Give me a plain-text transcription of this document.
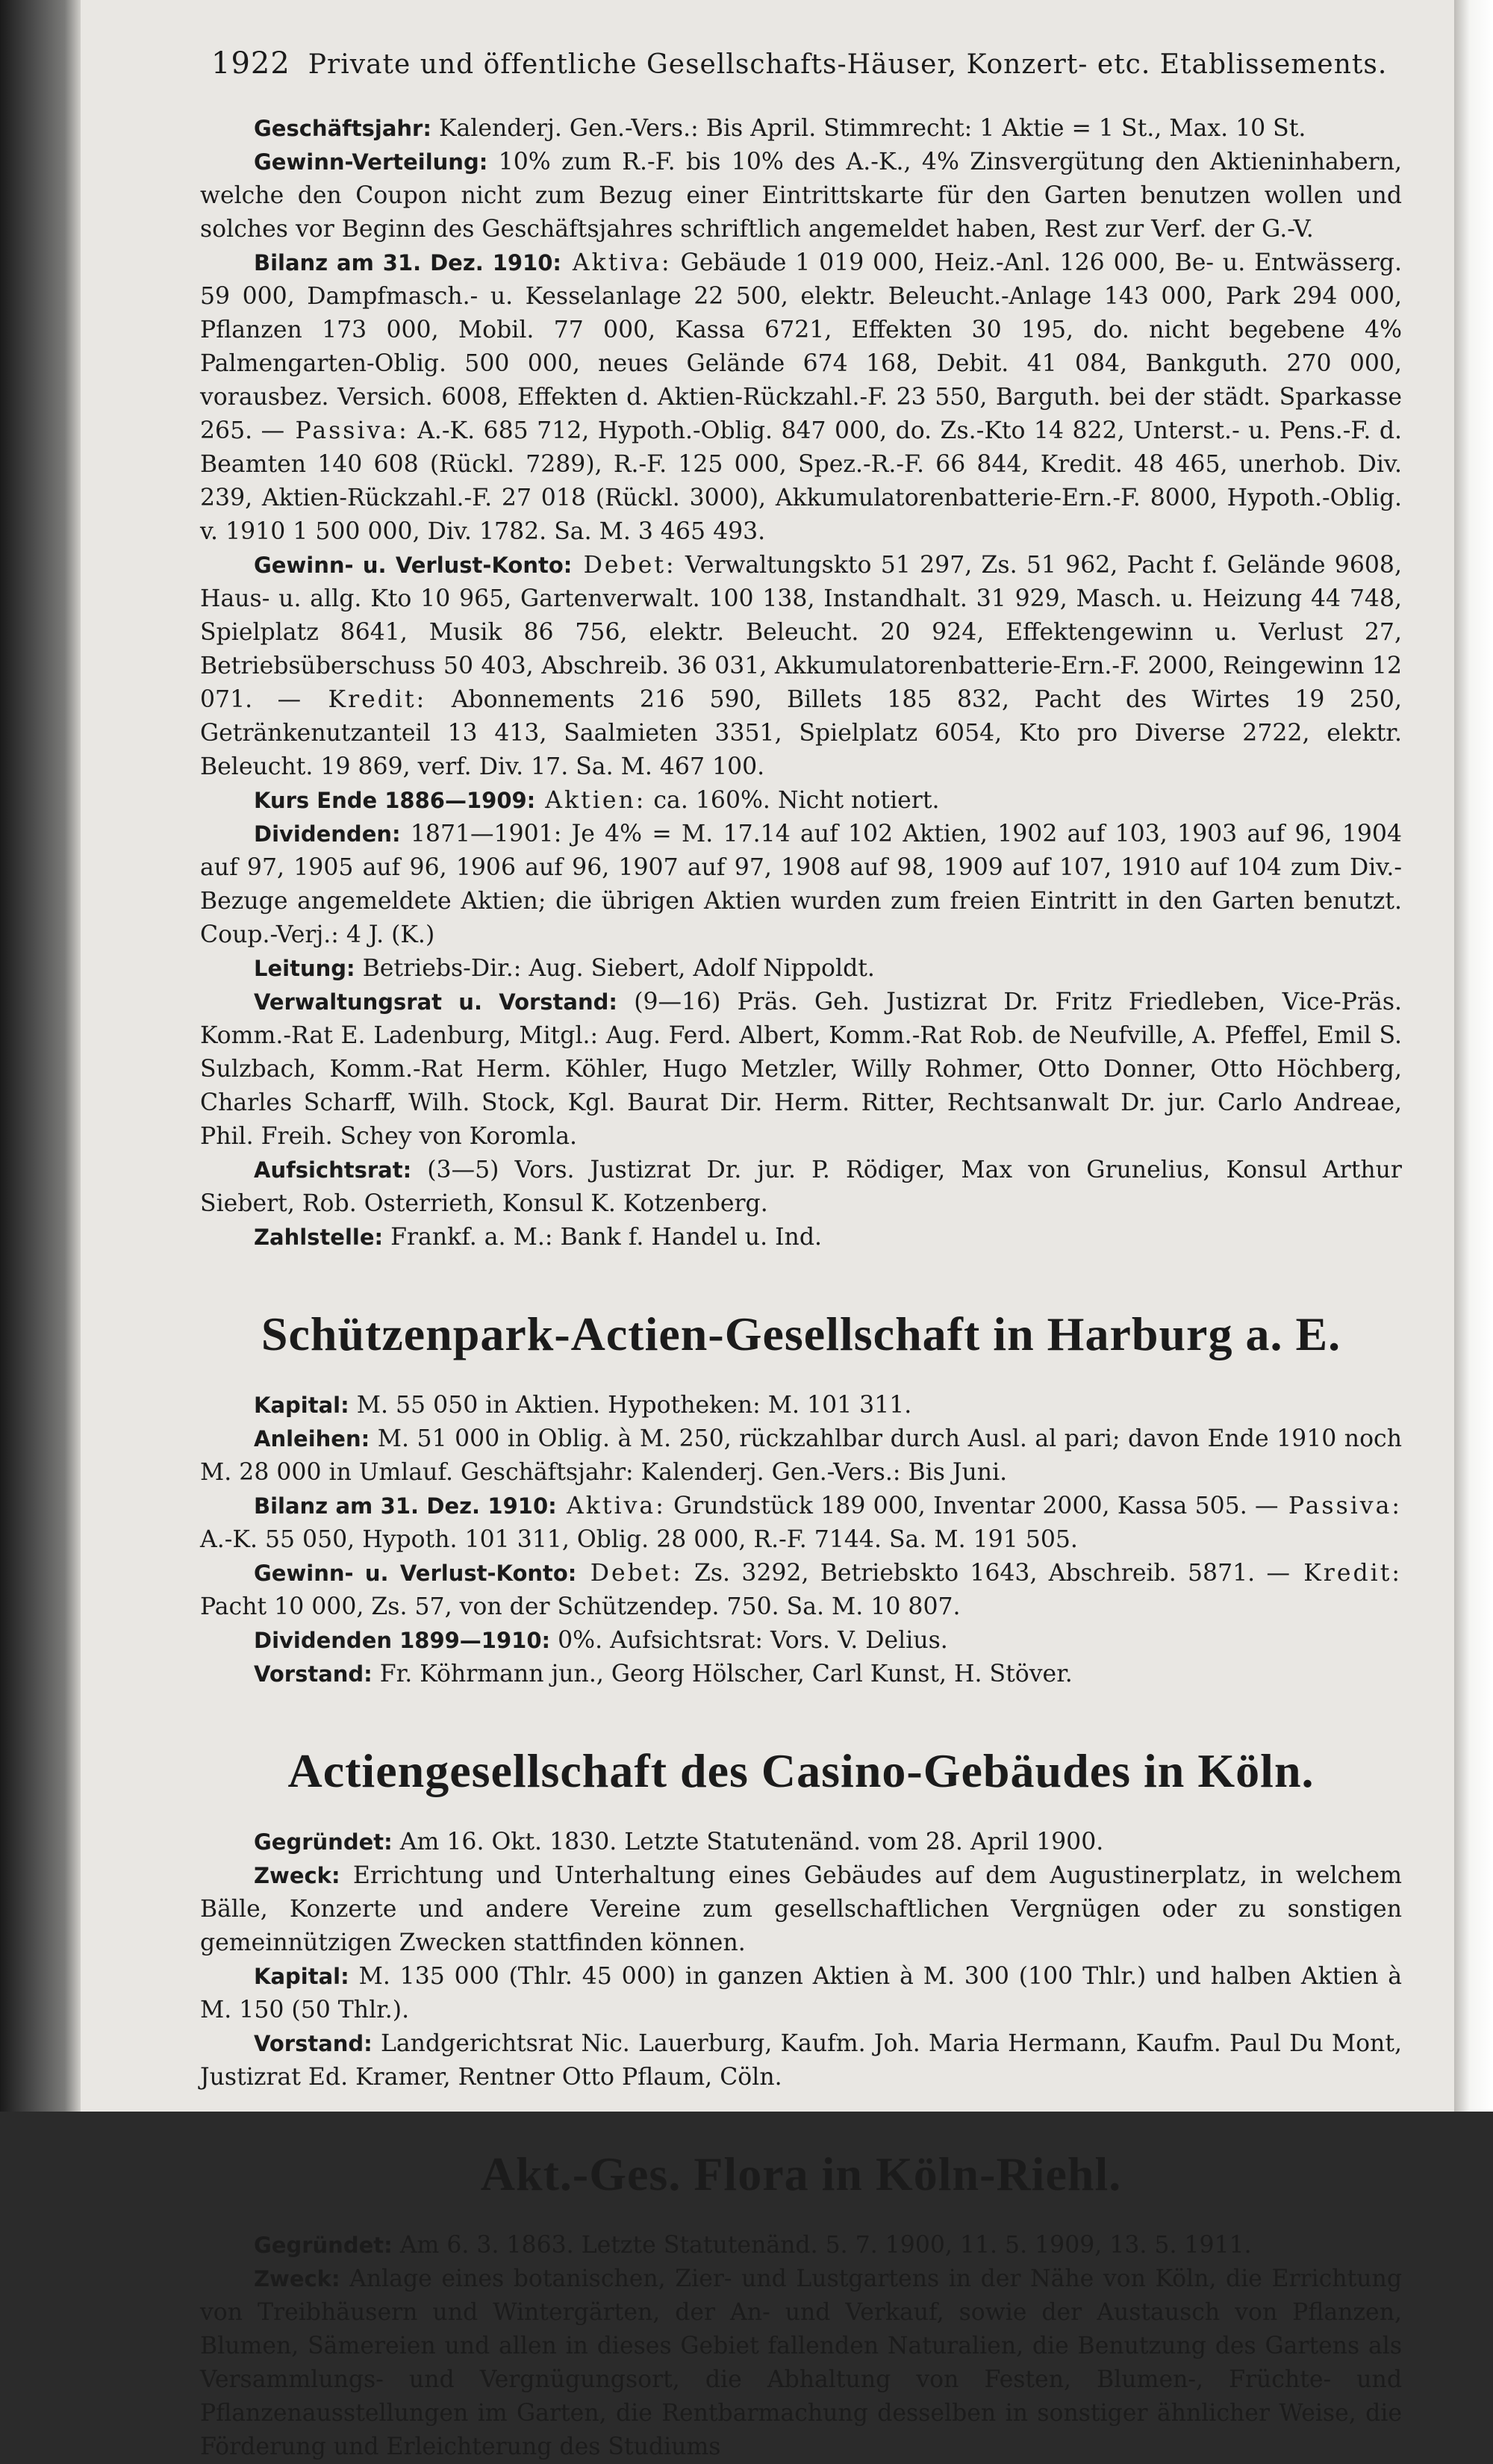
1922 Private und öffentliche Gesellschafts-Häuser, Konzert- etc. Etablissements.

Geschäftsjahr: Kalenderj. Gen.-Vers.: Bis April. Stimmrecht: 1 Aktie = 1 St., Max. 10 St.

Gewinn-Verteilung: 10% zum R.-F. bis 10% des A.-K., 4% Zinsvergütung den Aktieninhabern, welche den Coupon nicht zum Bezug einer Eintrittskarte für den Garten benutzen wollen und solches vor Beginn des Geschäftsjahres schriftlich angemeldet haben, Rest zur Verf. der G.-V.

Bilanz am 31. Dez. 1910: Aktiva: Gebäude 1 019 000, Heiz.-Anl. 126 000, Be- u. Entwässerg. 59 000, Dampfmasch.- u. Kesselanlage 22 500, elektr. Beleucht.-Anlage 143 000, Park 294 000, Pflanzen 173 000, Mobil. 77 000, Kassa 6721, Effekten 30 195, do. nicht begebene 4% Palmengarten-Oblig. 500 000, neues Gelände 674 168, Debit. 41 084, Bankguth. 270 000, vorausbez. Versich. 6008, Effekten d. Aktien-Rückzahl.-F. 23 550, Barguth. bei der städt. Sparkasse 265. — Passiva: A.-K. 685 712, Hypoth.-Oblig. 847 000, do. Zs.-Kto 14 822, Unterst.- u. Pens.-F. d. Beamten 140 608 (Rückl. 7289), R.-F. 125 000, Spez.-R.-F. 66 844, Kredit. 48 465, unerhob. Div. 239, Aktien-Rückzahl.-F. 27 018 (Rückl. 3000), Akkumulatorenbatterie-Ern.-F. 8000, Hypoth.-Oblig. v. 1910 1 500 000, Div. 1782. Sa. M. 3 465 493.

Gewinn- u. Verlust-Konto: Debet: Verwaltungskto 51 297, Zs. 51 962, Pacht f. Gelände 9608, Haus- u. allg. Kto 10 965, Gartenverwalt. 100 138, Instandhalt. 31 929, Masch. u. Heizung 44 748, Spielplatz 8641, Musik 86 756, elektr. Beleucht. 20 924, Effektengewinn u. Verlust 27, Betriebsüberschuss 50 403, Abschreib. 36 031, Akkumulatorenbatterie-Ern.-F. 2000, Reingewinn 12 071. — Kredit: Abonnements 216 590, Billets 185 832, Pacht des Wirtes 19 250, Getränkenutzanteil 13 413, Saalmieten 3351, Spielplatz 6054, Kto pro Diverse 2722, elektr. Beleucht. 19 869, verf. Div. 17. Sa. M. 467 100.

Kurs Ende 1886—1909: Aktien: ca. 160%. Nicht notiert.

Dividenden: 1871—1901: Je 4% = M. 17.14 auf 102 Aktien, 1902 auf 103, 1903 auf 96, 1904 auf 97, 1905 auf 96, 1906 auf 96, 1907 auf 97, 1908 auf 98, 1909 auf 107, 1910 auf 104 zum Div.-Bezuge angemeldete Aktien; die übrigen Aktien wurden zum freien Eintritt in den Garten benutzt. Coup.-Verj.: 4 J. (K.)

Leitung: Betriebs-Dir.: Aug. Siebert, Adolf Nippoldt.

Verwaltungsrat u. Vorstand: (9—16) Präs. Geh. Justizrat Dr. Fritz Friedleben, Vice-Präs. Komm.-Rat E. Ladenburg, Mitgl.: Aug. Ferd. Albert, Komm.-Rat Rob. de Neufville, A. Pfeffel, Emil S. Sulzbach, Komm.-Rat Herm. Köhler, Hugo Metzler, Willy Rohmer, Otto Donner, Otto Höchberg, Charles Scharff, Wilh. Stock, Kgl. Baurat Dir. Herm. Ritter, Rechtsanwalt Dr. jur. Carlo Andreae, Phil. Freih. Schey von Koromla.

Aufsichtsrat: (3—5) Vors. Justizrat Dr. jur. P. Rödiger, Max von Grunelius, Konsul Arthur Siebert, Rob. Osterrieth, Konsul K. Kotzenberg.

Zahlstelle: Frankf. a. M.: Bank f. Handel u. Ind.

Schützenpark-Actien-Gesellschaft in Harburg a. E.

Kapital: M. 55 050 in Aktien. Hypotheken: M. 101 311.

Anleihen: M. 51 000 in Oblig. à M. 250, rückzahlbar durch Ausl. al pari; davon Ende 1910 noch M. 28 000 in Umlauf. Geschäftsjahr: Kalenderj. Gen.-Vers.: Bis Juni.

Bilanz am 31. Dez. 1910: Aktiva: Grundstück 189 000, Inventar 2000, Kassa 505. — Passiva: A.-K. 55 050, Hypoth. 101 311, Oblig. 28 000, R.-F. 7144. Sa. M. 191 505.

Gewinn- u. Verlust-Konto: Debet: Zs. 3292, Betriebskto 1643, Abschreib. 5871. — Kredit: Pacht 10 000, Zs. 57, von der Schützendep. 750. Sa. M. 10 807.

Dividenden 1899—1910: 0%. Aufsichtsrat: Vors. V. Delius.

Vorstand: Fr. Köhrmann jun., Georg Hölscher, Carl Kunst, H. Stöver.

Actiengesellschaft des Casino-Gebäudes in Köln.

Gegründet: Am 16. Okt. 1830. Letzte Statutenänd. vom 28. April 1900.

Zweck: Errichtung und Unterhaltung eines Gebäudes auf dem Augustinerplatz, in welchem Bälle, Konzerte und andere Vereine zum gesellschaftlichen Vergnügen oder zu sonstigen gemeinnützigen Zwecken stattfinden können.

Kapital: M. 135 000 (Thlr. 45 000) in ganzen Aktien à M. 300 (100 Thlr.) und halben Aktien à M. 150 (50 Thlr.).

Vorstand: Landgerichtsrat Nic. Lauerburg, Kaufm. Joh. Maria Hermann, Kaufm. Paul Du Mont, Justizrat Ed. Kramer, Rentner Otto Pflaum, Cöln.

Akt.-Ges. Flora in Köln-Riehl.

Gegründet: Am 6. 3. 1863. Letzte Statutenänd. 5. 7. 1900, 11. 5. 1909, 13. 5. 1911.

Zweck: Anlage eines botanischen, Zier- und Lustgartens in der Nähe von Köln, die Errichtung von Treibhäusern und Wintergärten, der An- und Verkauf, sowie der Austausch von Pflanzen, Blumen, Sämereien und allen in dieses Gebiet fallenden Naturalien, die Benutzung des Gartens als Versammlungs- und Vergnügungsort, die Abhaltung von Festen, Blumen-, Früchte- und Pflanzenausstellungen im Garten, die Rentbarmachung desselben in sonstiger ähnlicher Weise, die Förderung und Erleichterung des Studiums
